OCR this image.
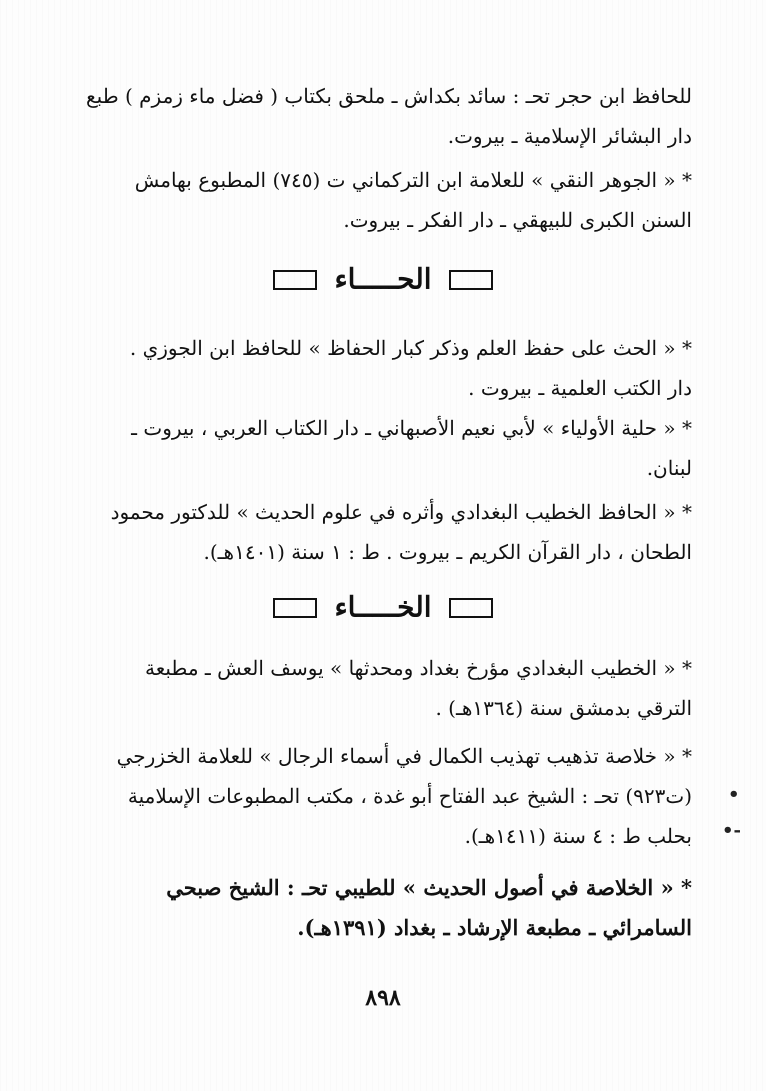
للحافظ ابن حجر تحـ : سائد بكداش ـ ملحق بكتاب ( فضل ماء زمزم ) طبع

دار البشائر الإسلامية ـ بيروت.

* « الجوهر النقي » للعلامة ابن التركماني ت (٧٤٥) المطبوع بهامش

السنن الكبرى للبيهقي ـ دار الفكر ـ بيروت.

الحـــــاء

* « الحث على حفظ العلم وذكر كبار الحفاظ » للحافظ ابن الجوزي .

دار الكتب العلمية ـ بيروت .

* « حلية الأولياء » لأبي نعيم الأصبهاني ـ دار الكتاب العربي ، بيروت ـ

لبنان.

* « الحافظ الخطيب البغدادي وأثره في علوم الحديث » للدكتور محمود

الطحان ، دار القرآن الكريم ـ بيروت . ط : ١ سنة (١٤٠١هـ).

الخـــــاء

* « الخطيب البغدادي مؤرخ بغداد ومحدثها » يوسف العش ـ مطبعة

الترقي بدمشق سنة (١٣٦٤هـ) .

* « خلاصة تذهيب تهذيب الكمال في أسماء الرجال » للعلامة الخزرجي

(ت٩٢٣) تحـ : الشيخ عبد الفتاح أبو غدة ، مكتب المطبوعات الإسلامية

بحلب ط : ٤ سنة (١٤١١هـ).

* « الخلاصة في أصول الحديث » للطيبي تحـ : الشيخ صبحي

السامرائي ـ مطبعة الإرشاد ـ بغداد (١٣٩١هـ).

•
•-
٨٩٨
